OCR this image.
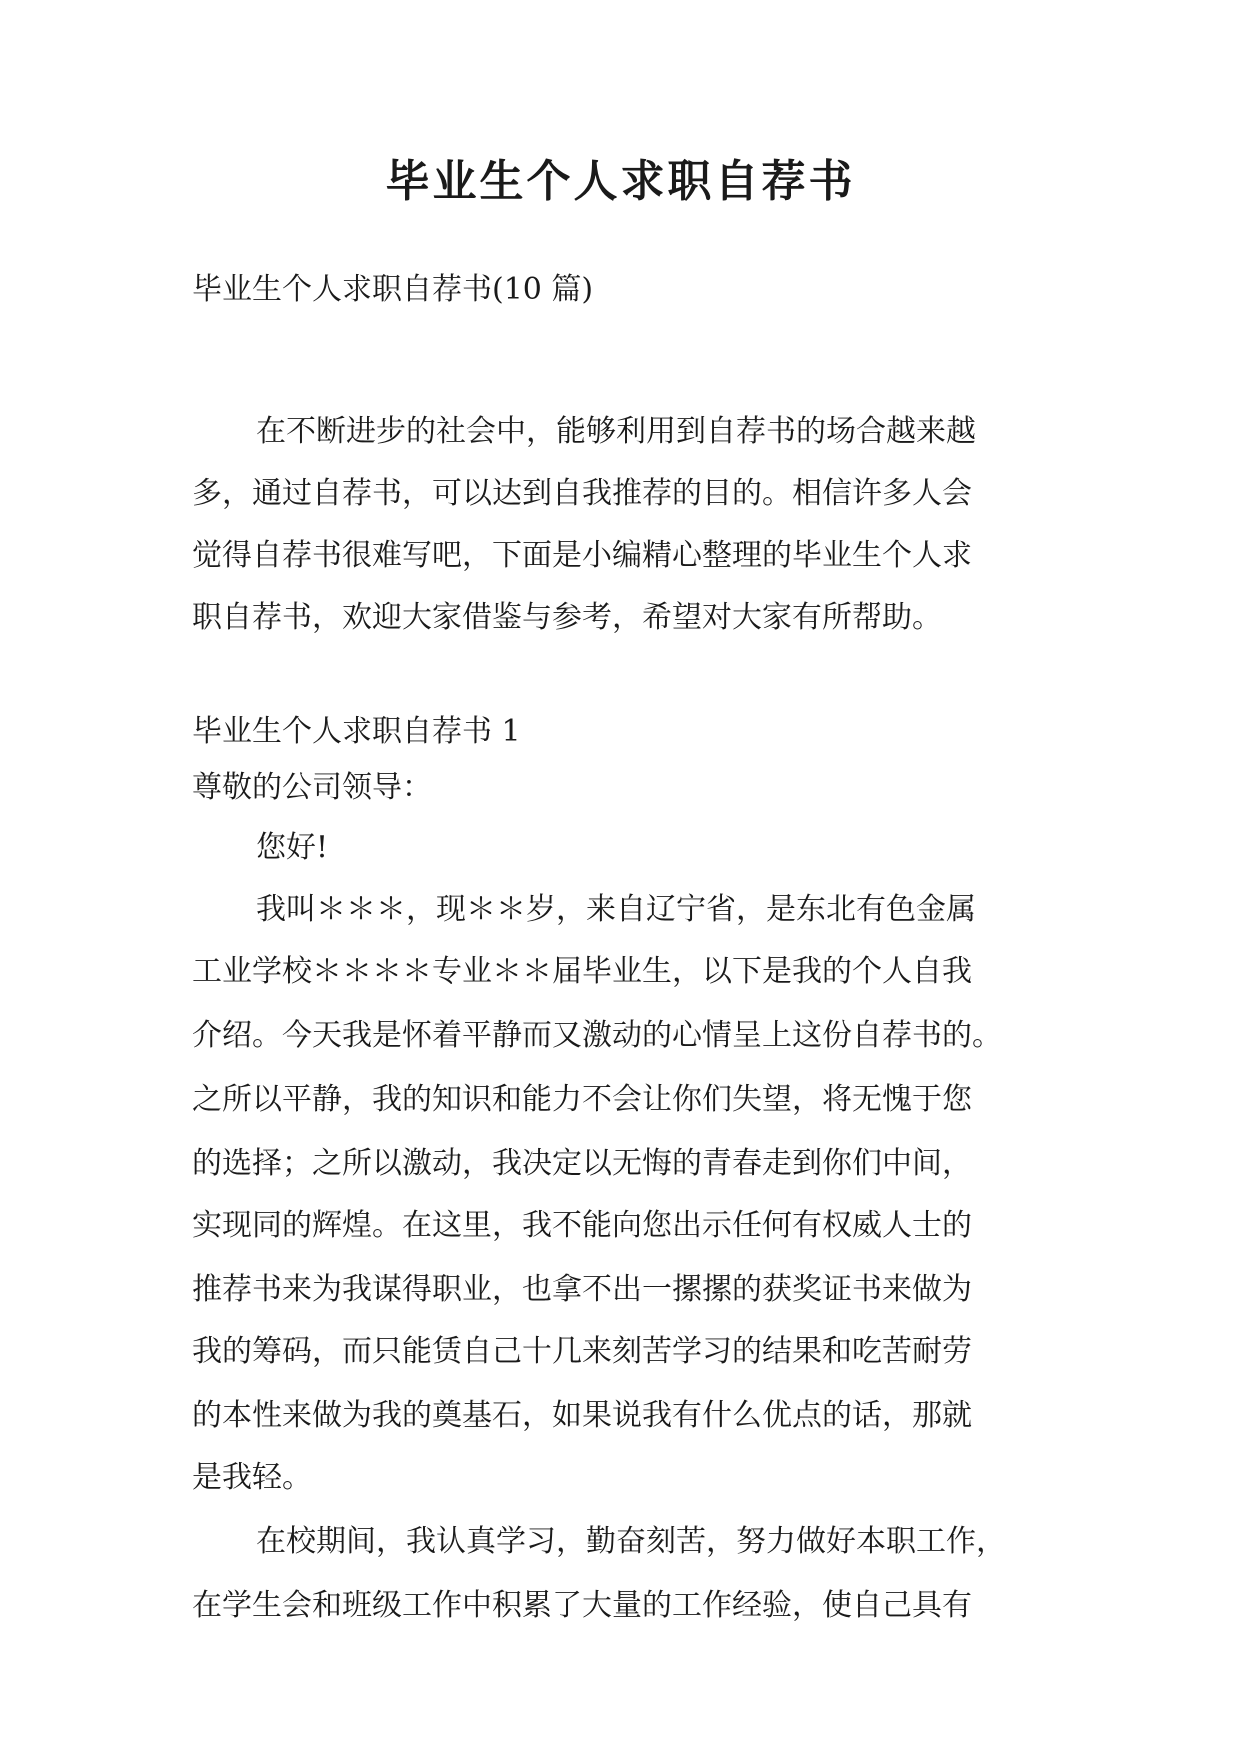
毕业生个人求职自荐书
毕业生个人求职自荐书(10 篇)
在不断进步的社会中，能够利用到自荐书的场合越来越
多，通过自荐书，可以达到自我推荐的目的。相信许多人会
觉得自荐书很难写吧，下面是小编精心整理的毕业生个人求
职自荐书，欢迎大家借鉴与参考，希望对大家有所帮助。
毕业生个人求职自荐书 1
尊敬的公司领导：
您好!
我叫＊＊＊，现＊＊岁，来自辽宁省，是东北有色金属
工业学校＊＊＊＊专业＊＊届毕业生，以下是我的个人自我
介绍。今天我是怀着平静而又激动的心情呈上这份自荐书的。
之所以平静，我的知识和能力不会让你们失望，将无愧于您
的选择；之所以激动，我决定以无悔的青春走到你们中间，
实现同的辉煌。在这里，我不能向您出示任何有权威人士的
推荐书来为我谋得职业，也拿不出一摞摞的获奖证书来做为
我的筹码，而只能赁自己十几来刻苦学习的结果和吃苦耐劳
的本性来做为我的奠基石，如果说我有什么优点的话，那就
是我轻。
在校期间，我认真学习，勤奋刻苦，努力做好本职工作，
在学生会和班级工作中积累了大量的工作经验，使自己具有
